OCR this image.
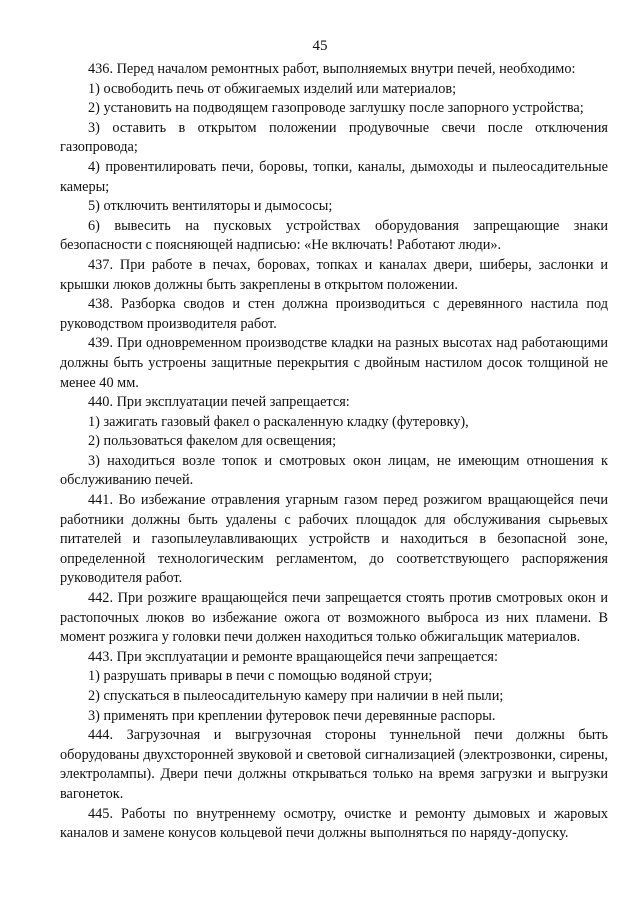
45

436. Перед началом ремонтных работ, выполняемых внутри печей, необходимо:

1) освободить печь от обжигаемых изделий или материалов;

2) установить на подводящем газопроводе заглушку после запорного устройства;

3) оставить в открытом положении продувочные свечи после отключения газопровода;

4) провентилировать печи, боровы, топки, каналы, дымоходы и пылеосадительные камеры;

5) отключить вентиляторы и дымососы;

6) вывесить на пусковых устройствах оборудования запрещающие знаки безопасности с поясняющей надписью: «Не включать! Работают люди».

437. При работе в печах, боровах, топках и каналах двери, шиберы, заслонки и крышки люков должны быть закреплены в открытом положении.

438. Разборка сводов и стен должна производиться с деревянного настила под руководством производителя работ.

439. При одновременном производстве кладки на разных высотах над работающими должны быть устроены защитные перекрытия с двойным настилом досок толщиной не менее 40 мм.

440. При эксплуатации печей запрещается:

1) зажигать газовый факел о раскаленную кладку (футеровку),

2) пользоваться факелом для освещения;

3) находиться возле топок и смотровых окон лицам, не имеющим отношения к обслуживанию печей.

441. Во избежание отравления угарным газом перед розжигом вращающейся печи работники должны быть удалены с рабочих площадок для обслуживания сырьевых питателей и газопылеулавливающих устройств и находиться в безопасной зоне, определенной технологическим регламентом, до соответствующего распоряжения руководителя работ.

442. При розжиге вращающейся печи запрещается стоять против смотровых окон и растопочных люков во избежание ожога от возможного выброса из них пламени. В момент розжига у головки печи должен находиться только обжигальщик материалов.

443. При эксплуатации и ремонте вращающейся печи запрещается:

1) разрушать привары в печи с помощью водяной струи;

2) спускаться в пылеосадительную камеру при наличии в ней пыли;

3) применять при креплении футеровок печи деревянные распоры.

444. Загрузочная и выгрузочная стороны туннельной печи должны быть оборудованы двухсторонней звуковой и световой сигнализацией (электрозвонки, сирены, электролампы). Двери печи должны открываться только на время загрузки и выгрузки вагонеток.

445. Работы по внутреннему осмотру, очистке и ремонту дымовых и жаровых каналов и замене конусов кольцевой печи должны выполняться по наряду-допуску.
